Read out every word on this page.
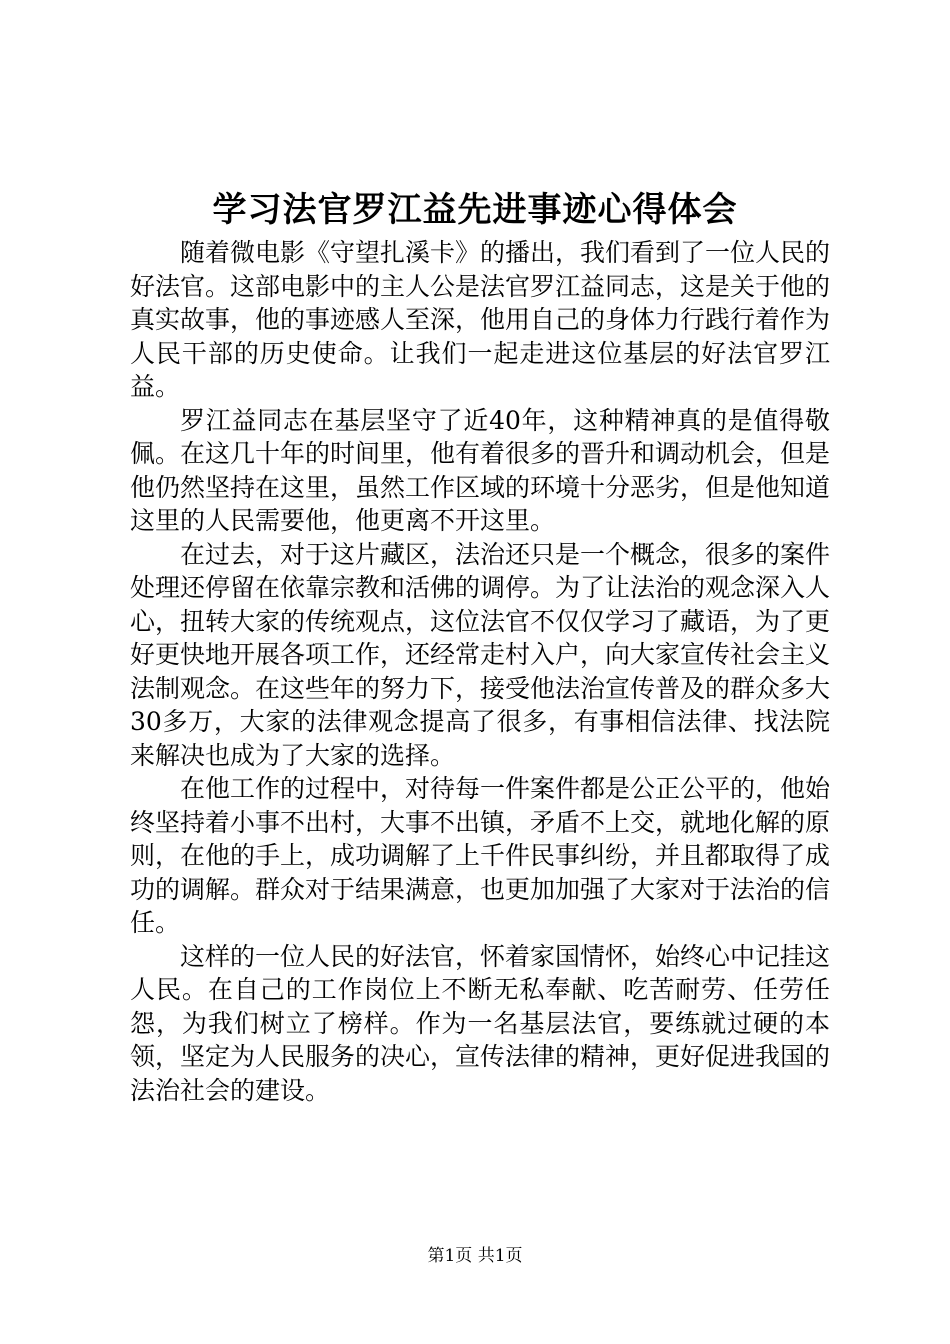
学习法官罗江益先进事迹心得体会

随着微电影《守望扎溪卡》的播出，我们看到了一位人民的好法官。这部电影中的主人公是法官罗江益同志，这是关于他的真实故事，他的事迹感人至深，他用自己的身体力行践行着作为人民干部的历史使命。让我们一起走进这位基层的好法官罗江益。

罗江益同志在基层坚守了近40年，这种精神真的是值得敬佩。在这几十年的时间里，他有着很多的晋升和调动机会，但是他仍然坚持在这里，虽然工作区域的环境十分恶劣，但是他知道这里的人民需要他，他更离不开这里。

在过去，对于这片藏区，法治还只是一个概念，很多的案件处理还停留在依靠宗教和活佛的调停。为了让法治的观念深入人心，扭转大家的传统观点，这位法官不仅仅学习了藏语，为了更好更快地开展各项工作，还经常走村入户，向大家宣传社会主义法制观念。在这些年的努力下，接受他法治宣传普及的群众多大30多万，大家的法律观念提高了很多，有事相信法律、找法院来解决也成为了大家的选择。

在他工作的过程中，对待每一件案件都是公正公平的，他始终坚持着小事不出村，大事不出镇，矛盾不上交，就地化解的原则，在他的手上，成功调解了上千件民事纠纷，并且都取得了成功的调解。群众对于结果满意，也更加加强了大家对于法治的信任。

这样的一位人民的好法官，怀着家国情怀，始终心中记挂这人民。在自己的工作岗位上不断无私奉献、吃苦耐劳、任劳任怨，为我们树立了榜样。作为一名基层法官，要练就过硬的本领，坚定为人民服务的决心，宣传法律的精神，更好促进我国的法治社会的建设。

第1页 共1页
